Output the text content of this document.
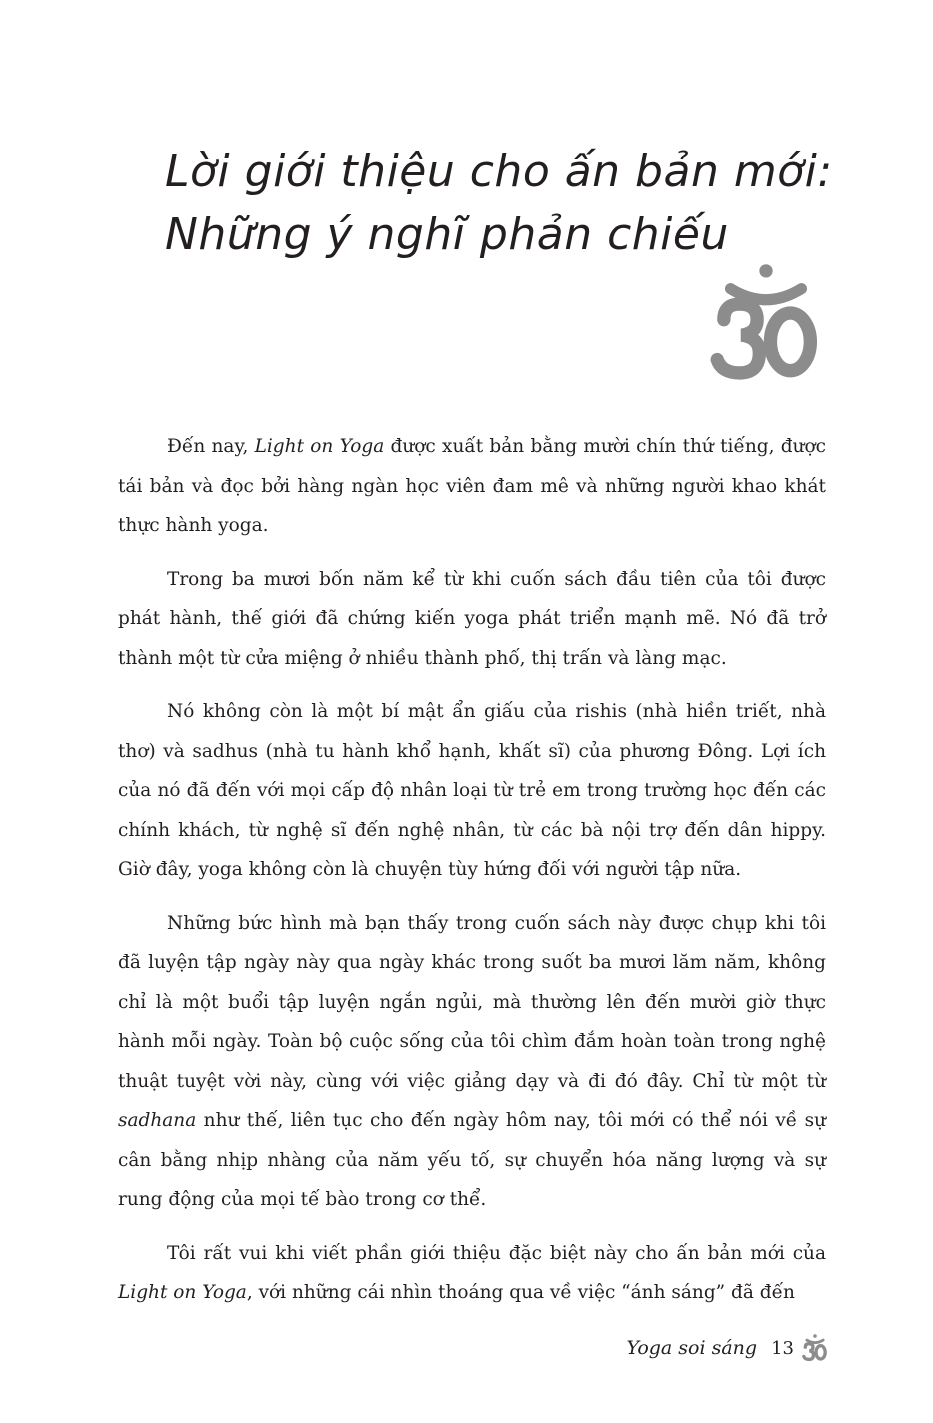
Lời giới thiệu cho ấn bản mới:
Những ý nghĩ phản chiếu

Đến nay, Light on Yoga được xuất bản bằng mười chín thứ tiếng, được tái bản và đọc bởi hàng ngàn học viên đam mê và những người khao khát thực hành yoga.

Trong ba mươi bốn năm kể từ khi cuốn sách đầu tiên của tôi được phát hành, thế giới đã chứng kiến yoga phát triển mạnh mẽ. Nó đã trở thành một từ cửa miệng ở nhiều thành phố, thị trấn và làng mạc.

Nó không còn là một bí mật ẩn giấu của rishis (nhà hiền triết, nhà thơ) và sadhus (nhà tu hành khổ hạnh, khất sĩ) của phương Đông. Lợi ích của nó đã đến với mọi cấp độ nhân loại từ trẻ em trong trường học đến các chính khách, từ nghệ sĩ đến nghệ nhân, từ các bà nội trợ đến dân hippy. Giờ đây, yoga không còn là chuyện tùy hứng đối với người tập nữa.

Những bức hình mà bạn thấy trong cuốn sách này được chụp khi tôi đã luyện tập ngày này qua ngày khác trong suốt ba mươi lăm năm, không chỉ là một buổi tập luyện ngắn ngủi, mà thường lên đến mười giờ thực hành mỗi ngày. Toàn bộ cuộc sống của tôi chìm đắm hoàn toàn trong nghệ thuật tuyệt vời này, cùng với việc giảng dạy và đi đó đây. Chỉ từ một từ sadhana như thế, liên tục cho đến ngày hôm nay, tôi mới có thể nói về sự cân bằng nhịp nhàng của năm yếu tố, sự chuyển hóa năng lượng và sự rung động của mọi tế bào trong cơ thể.

Tôi rất vui khi viết phần giới thiệu đặc biệt này cho ấn bản mới của Light on Yoga, với những cái nhìn thoáng qua về việc “ánh sáng” đã đến

Yoga soi sáng 13
